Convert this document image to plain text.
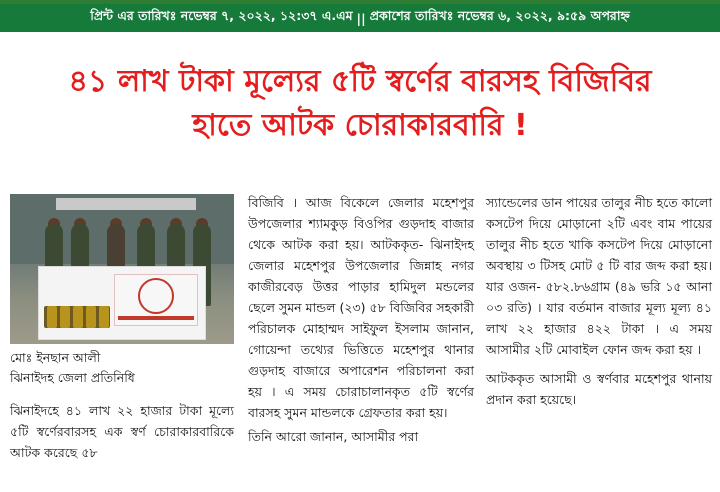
প্রিন্ট এর তারিখঃ নভেম্বর ৭, ২০২২, ১২:৩৭ এ.এম || প্রকাশের তারিখঃ নভেম্বর ৬, ২০২২, ৯:৫৯ অপরাহ্ন
৪১ লাখ টাকা মূল্যের ৫টি স্বর্ণের বারসহ বিজিবির
হাতে আটক চোরাকারবারি !
মোঃ ইনছান আলী
ঝিনাইদহ জেলা প্রতিনিধি

ঝিনাইদহে ৪১ লাখ ২২ হাজার টাকা মূল্যে ৫টি স্বর্ণেরবারসহ এক স্বর্ণ চোরাকারবারিকে আটক করেছে ৫৮

বিজিবি । আজ বিকেলে জেলার মহেশপুর উপজেলার শ্যামকুড় বিওপির গুড়দাহ বাজার থেকে আটক করা হয়। আটককৃত- ঝিনাইদহ জেলার মহেশপুর উপজেলার জিন্নাহ নগর কাজীরবেড় উত্তর পাড়ার হামিদুল মন্ডলের ছেলে সুমন মান্ডল (২৩) ৫৮ বিজিবির সহকারী পরিচালক মোহাম্মদ সাইফুল ইসলাম জানান, গোয়েন্দা তথ্যের ভিত্তিতে মহেশপুর থানার গুড়দাহ বাজারে অপারেশন পরিচালনা করা হয় । এ সময় চোরাচালানকৃত ৫টি স্বর্ণের বারসহ সুমন মান্ডলকে গ্রেফতার করা হয়।

তিনি আরো জানান, আসামীর পরা

স্যান্ডেলের ডান পায়ের তালুর নীচ হতে কালো কসটেপ দিয়ে মোড়ানো ২টি এবং বাম পায়ের তালুর নীচ হতে খাকি কসটেপ দিয়ে মোড়ানো অবস্থায় ৩ টিসহ মোট ৫ টি বার জব্দ করা হয়। যার ওজন- ৫৮২.৮৬গ্রাম (৪৯ ভরি ১৫ আনা ০৩ রতি) । যার বর্তমান বাজার মূল্য মূল্য ৪১ লাখ ২২ হাজার ৪২২ টাকা । এ সময় আসামীর ২টি মোবাইল ফোন জব্দ করা হয় ।

আটককৃত আসামী ও স্বর্ণবার মহেশপুর থানায় প্রদান করা হয়েছে।
